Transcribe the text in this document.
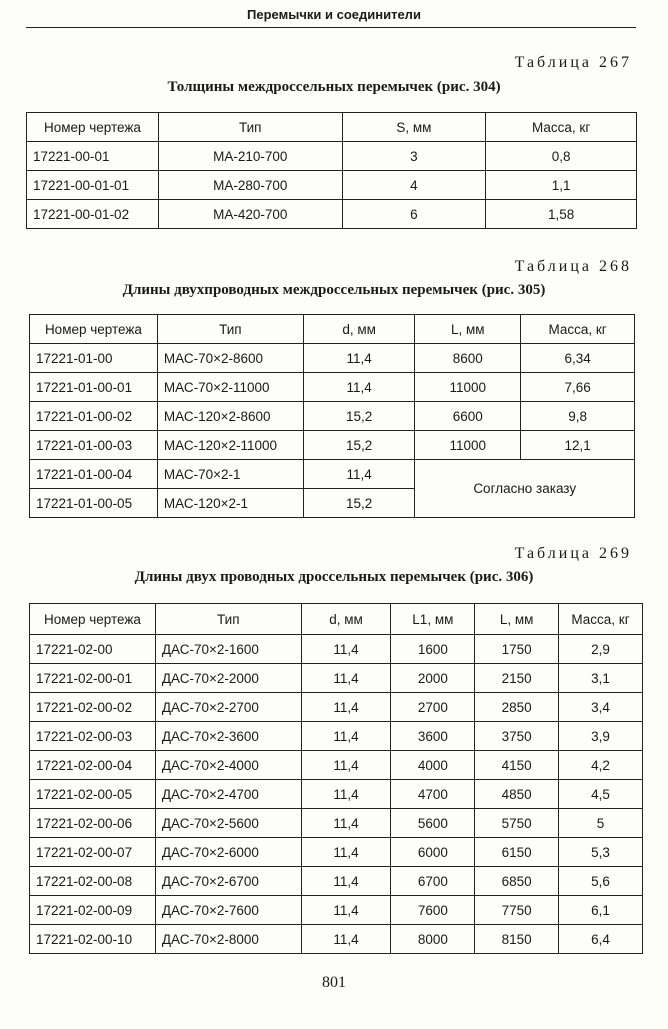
Перемычки и соединители
Таблица 267
Толщины междроссельных перемычек (рис. 304)
Номер чертежа	Тип	S, мм	Масса, кг
17221-00-01	МА-210-700	3	0,8
17221-00-01-01	МА-280-700	4	1,1
17221-00-01-02	МА-420-700	6	1,58
Таблица 268
Длины двухпроводных междроссельных перемычек (рис. 305)
Номер чертежа	Тип	d, мм	L, мм	Масса, кг
17221-01-00	МАС-70×2-8600	11,4	8600	6,34
17221-01-00-01	МАС-70×2-11000	11,4	11000	7,66
17221-01-00-02	МАС-120×2-8600	15,2	6600	9,8
17221-01-00-03	МАС-120×2-11000	15,2	11000	12,1
17221-01-00-04	МАС-70×2-1	11,4	Согласно заказу	
17221-01-00-05	МАС-120×2-1	15,2		
Таблица 269
Длины двух проводных дроссельных перемычек (рис. 306)
Номер чертежа	Тип	d, мм	L1, мм	L, мм	Масса, кг
17221-02-00	ДАС-70×2-1600	11,4	1600	1750	2,9
17221-02-00-01	ДАС-70×2-2000	11,4	2000	2150	3,1
17221-02-00-02	ДАС-70×2-2700	11,4	2700	2850	3,4
17221-02-00-03	ДАС-70×2-3600	11,4	3600	3750	3,9
17221-02-00-04	ДАС-70×2-4000	11,4	4000	4150	4,2
17221-02-00-05	ДАС-70×2-4700	11,4	4700	4850	4,5
17221-02-00-06	ДАС-70×2-5600	11,4	5600	5750	5
17221-02-00-07	ДАС-70×2-6000	11,4	6000	6150	5,3
17221-02-00-08	ДАС-70×2-6700	11,4	6700	6850	5,6
17221-02-00-09	ДАС-70×2-7600	11,4	7600	7750	6,1
17221-02-00-10	ДАС-70×2-8000	11,4	8000	8150	6,4
801
